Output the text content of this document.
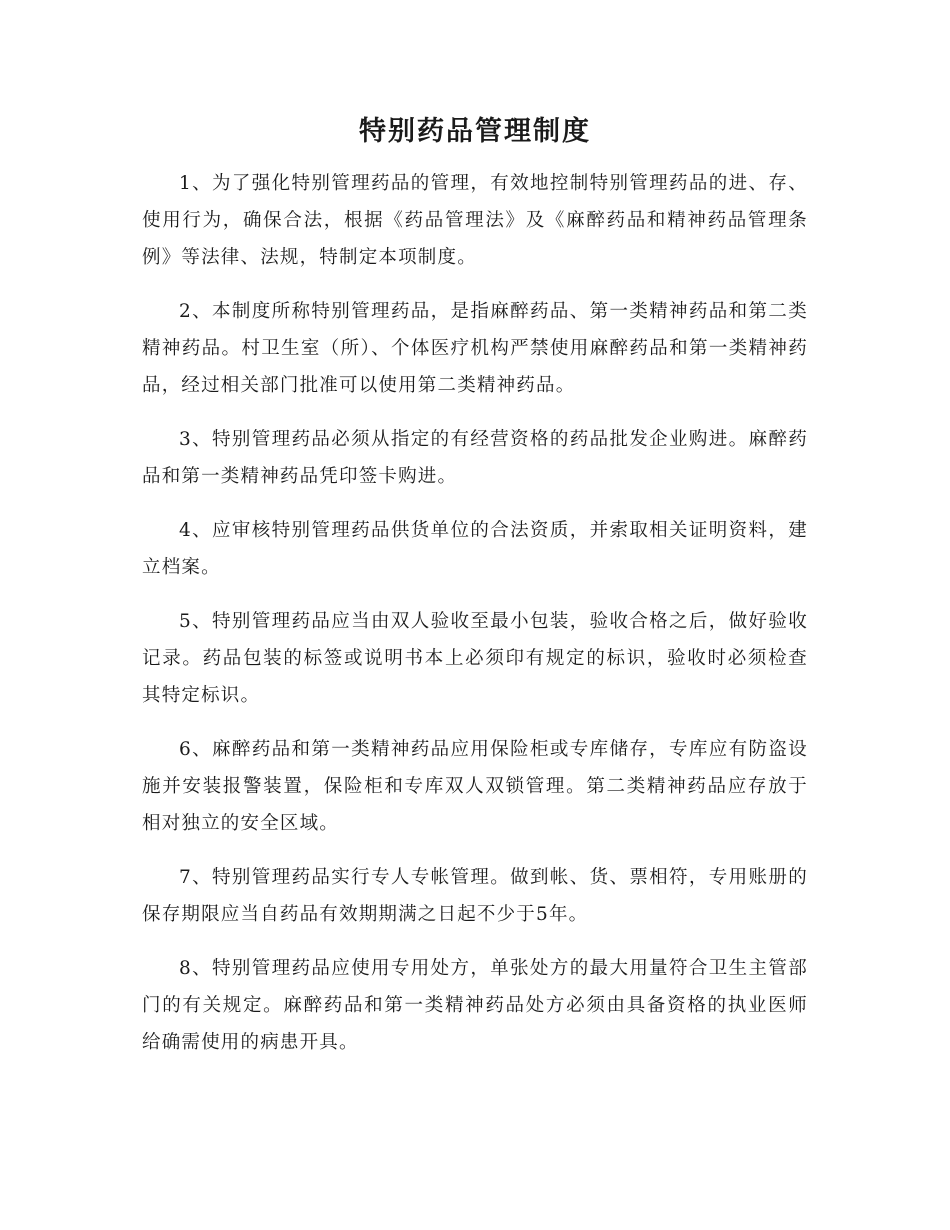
特别药品管理制度

1、为了强化特别管理药品的管理，有效地控制特别管理药品的进、存、使用行为，确保合法，根据《药品管理法》及《麻醉药品和精神药品管理条例》等法律、法规，特制定本项制度。

2、本制度所称特别管理药品，是指麻醉药品、第一类精神药品和第二类精神药品。村卫生室（所）、个体医疗机构严禁使用麻醉药品和第一类精神药品，经过相关部门批准可以使用第二类精神药品。

3、特别管理药品必须从指定的有经营资格的药品批发企业购进。麻醉药品和第一类精神药品凭印签卡购进。

4、应审核特别管理药品供货单位的合法资质，并索取相关证明资料，建立档案。

5、特别管理药品应当由双人验收至最小包装，验收合格之后，做好验收记录。药品包装的标签或说明书本上必须印有规定的标识，验收时必须检查其特定标识。

6、麻醉药品和第一类精神药品应用保险柜或专库储存，专库应有防盗设施并安装报警装置，保险柜和专库双人双锁管理。第二类精神药品应存放于相对独立的安全区域。

7、特别管理药品实行专人专帐管理。做到帐、货、票相符，专用账册的保存期限应当自药品有效期期满之日起不少于5年。

8、特别管理药品应使用专用处方，单张处方的最大用量符合卫生主管部门的有关规定。麻醉药品和第一类精神药品处方必须由具备资格的执业医师给确需使用的病患开具。
